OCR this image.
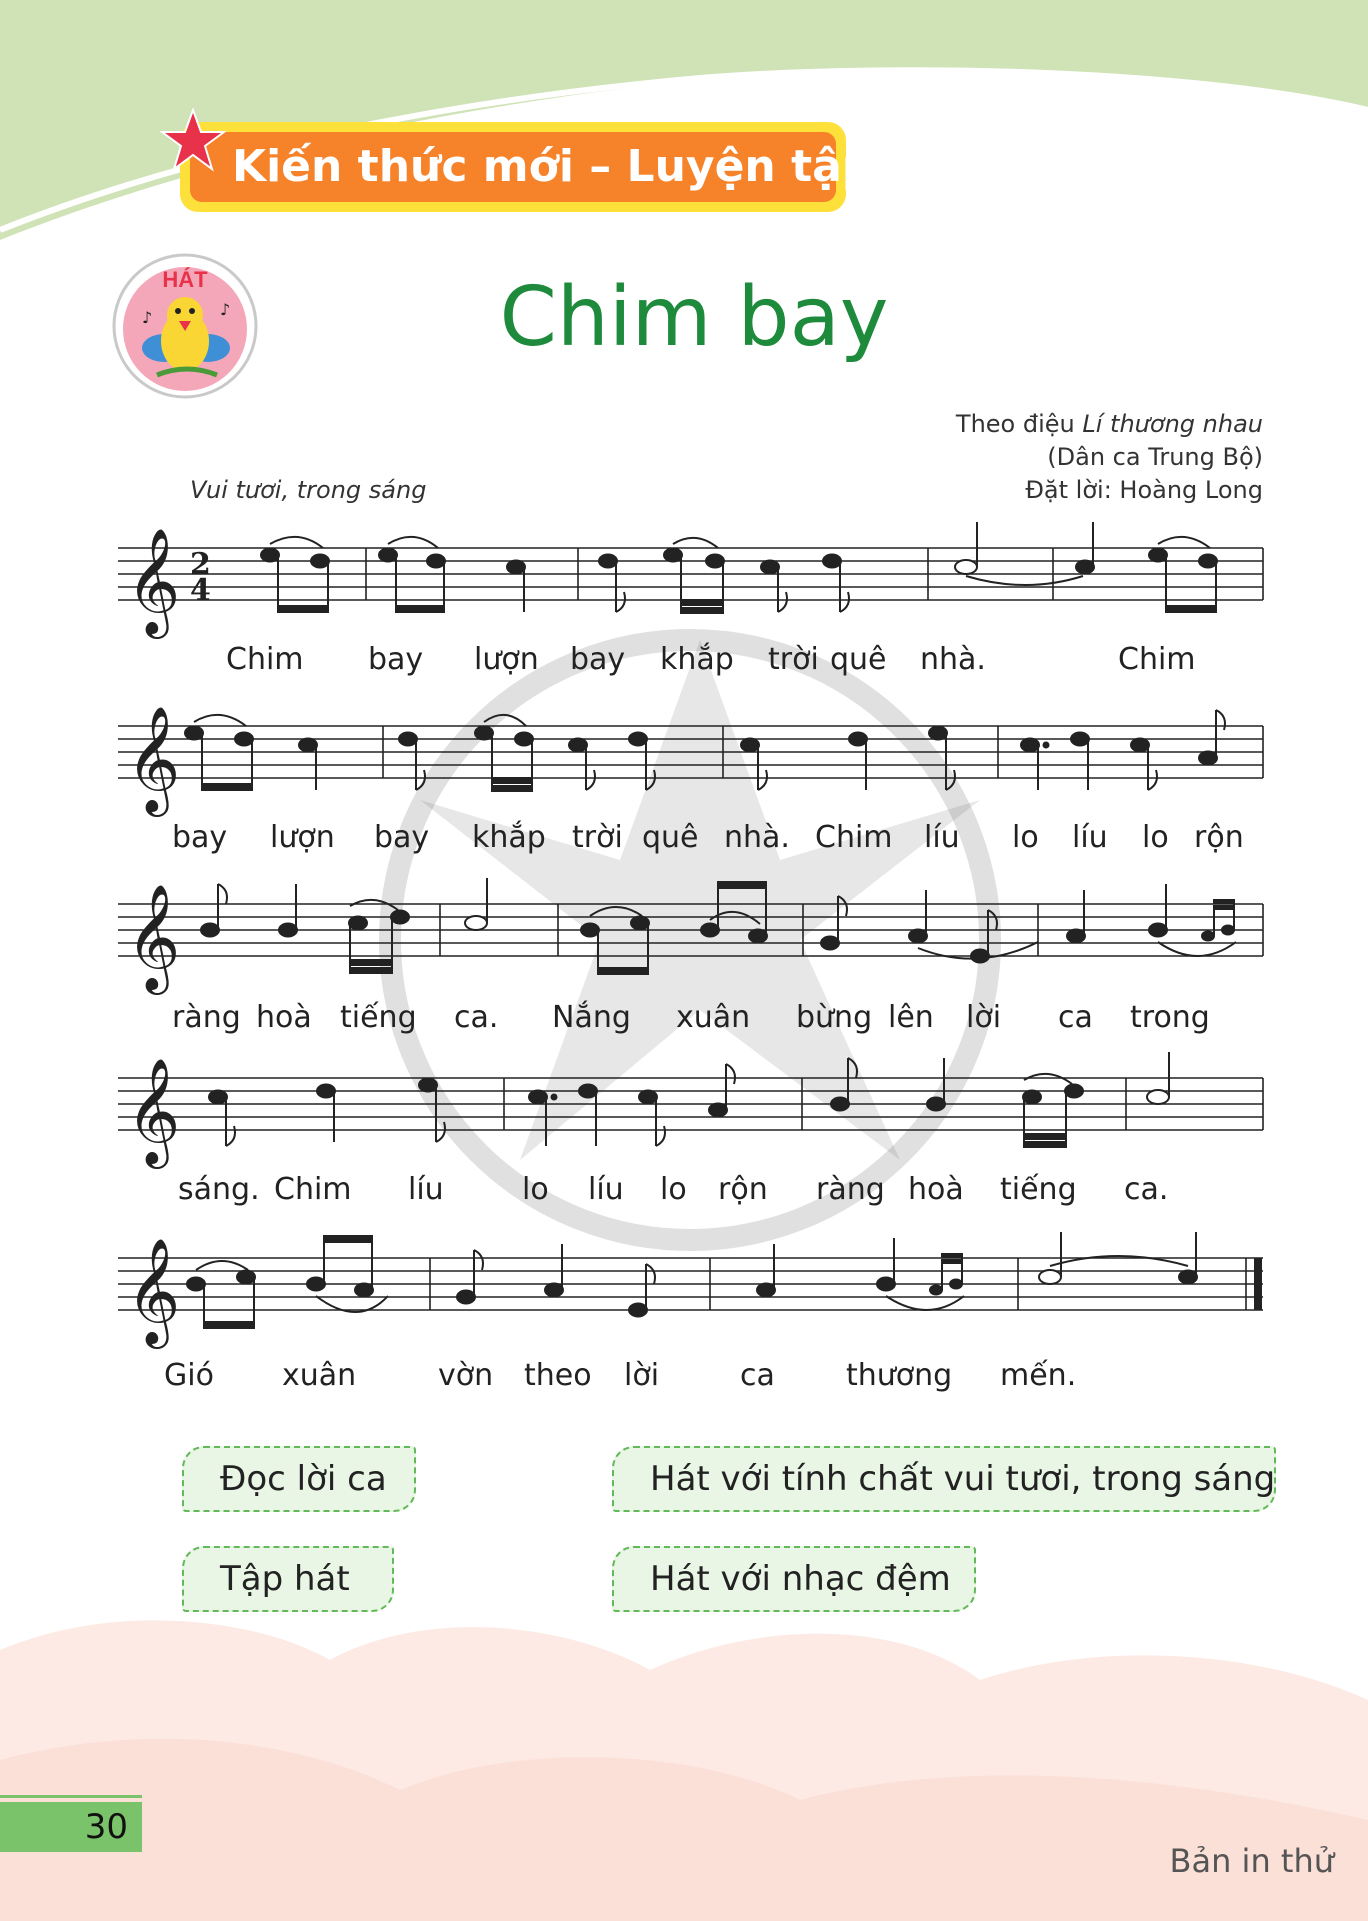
Kiến thức mới – Luyện tập
HÁT
♪	♪	Chim bay
Theo điệu Lí thương nhau
(Dân ca Trung Bộ)
Đặt lời: Hoàng Long
Vui tươi, trong sáng
𝄞 2
4
Chim bay lượn bay khắp trời quê nhà.	Chim
𝄞
bay lượn bay khắp trời quê nhà. Chim líu lo líu lo rộn
𝄞
ràng hoà tiếng ca. Nắng xuân bừng lên lời ca trong
𝄞
sáng. Chim líu	lo líu lo rộn ràng hoà tiếng ca.
𝄞
Gió xuân	vờn theo lời	ca thương mến.
Đọc lời ca	Hát với tính chất vui tươi, trong sáng
Tập hát	Hát với nhạc đệm
30
Bản in thử
